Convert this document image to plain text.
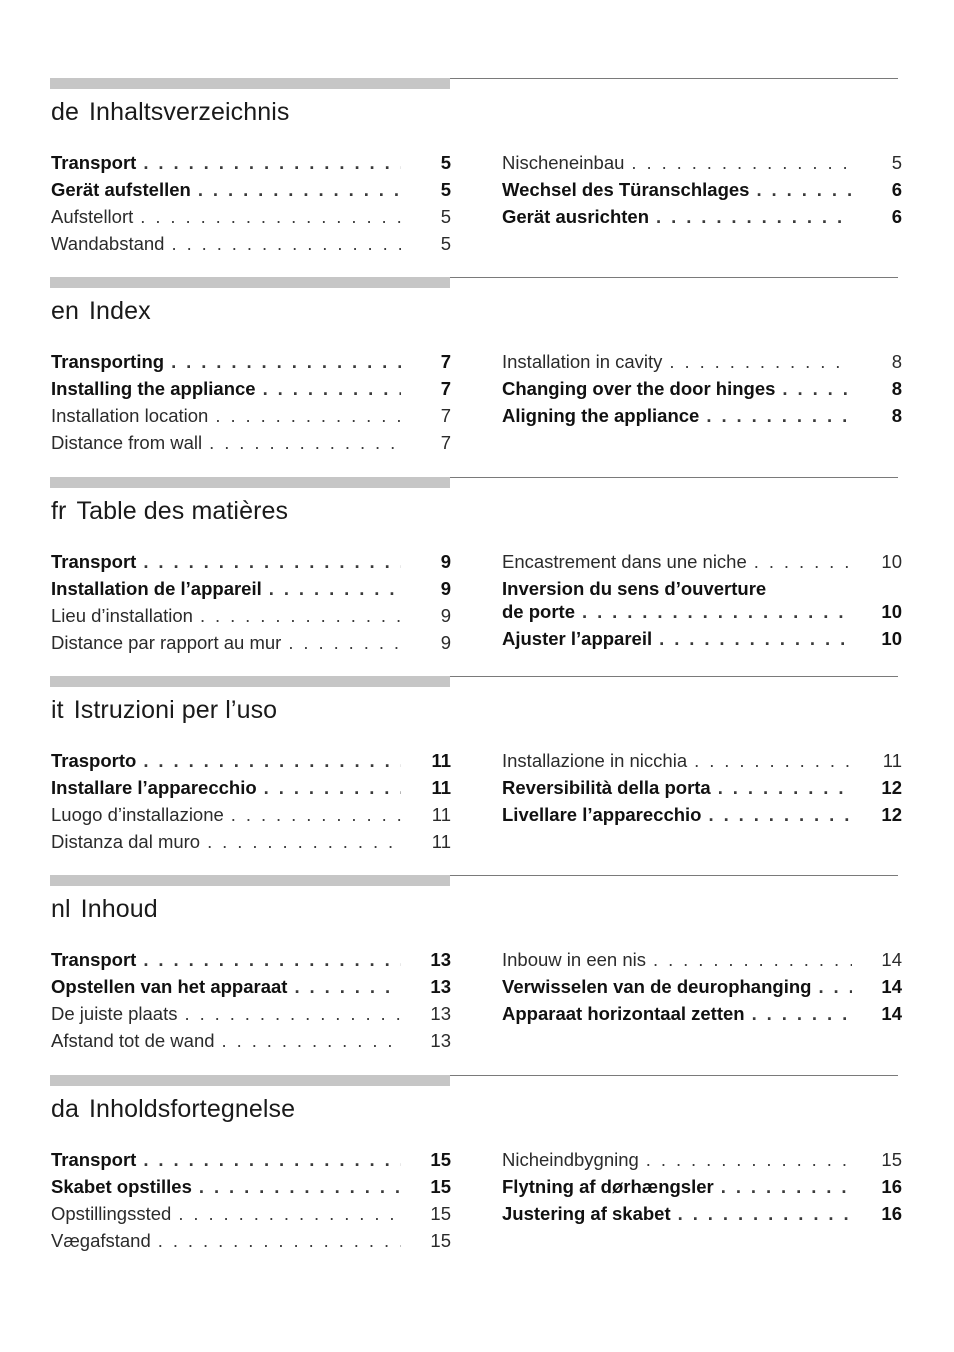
de Inhaltsverzeichnis
Transport . . .	5
Gerät aufstellen . . .	5
Aufstellort . . .	5
Wandabstand . . .	5
Nischeneinbau . . .	5
Wechsel des Türanschlages . . .	6
Gerät ausrichten . . .	6
en Index
Transporting . . .	7
Installing the appliance . . .	7
Installation location . . .	7
Distance from wall . . .	7
Installation in cavity . . .	8
Changing over the door hinges . . .	8
Aligning the appliance . . .	8
fr Table des matières
Transport . . .	9
Installation de l’appareil . . .	9
Lieu d’installation . . .	9
Distance par rapport au mur . . .	9
Encastrement dans une niche . . .	10
Inversion du sens d’ouverture
de porte . . .	10
Ajuster l’appareil . . .	10
it Istruzioni per l’uso
Trasporto . . .	11
Installare l’apparecchio . . .	11
Luogo d’installazione . . .	11
Distanza dal muro . . .	11
Installazione in nicchia . . .	11
Reversibilità della porta . . .	12
Livellare l’apparecchio . . .	12
nl Inhoud
Transport . . .	13
Opstellen van het apparaat . . .	13
De juiste plaats . . .	13
Afstand tot de wand . . .	13
Inbouw in een nis . . .	14
Verwisselen van de deurophanging . . .	14
Apparaat horizontaal zetten . . .	14
da Inholdsfortegnelse
Transport . . .	15
Skabet opstilles . . .	15
Opstillingssted . . .	15
Vægafstand . . .	15
Nicheindbygning . . .	15
Flytning af dørhængsler . . .	16
Justering af skabet . . .	16
